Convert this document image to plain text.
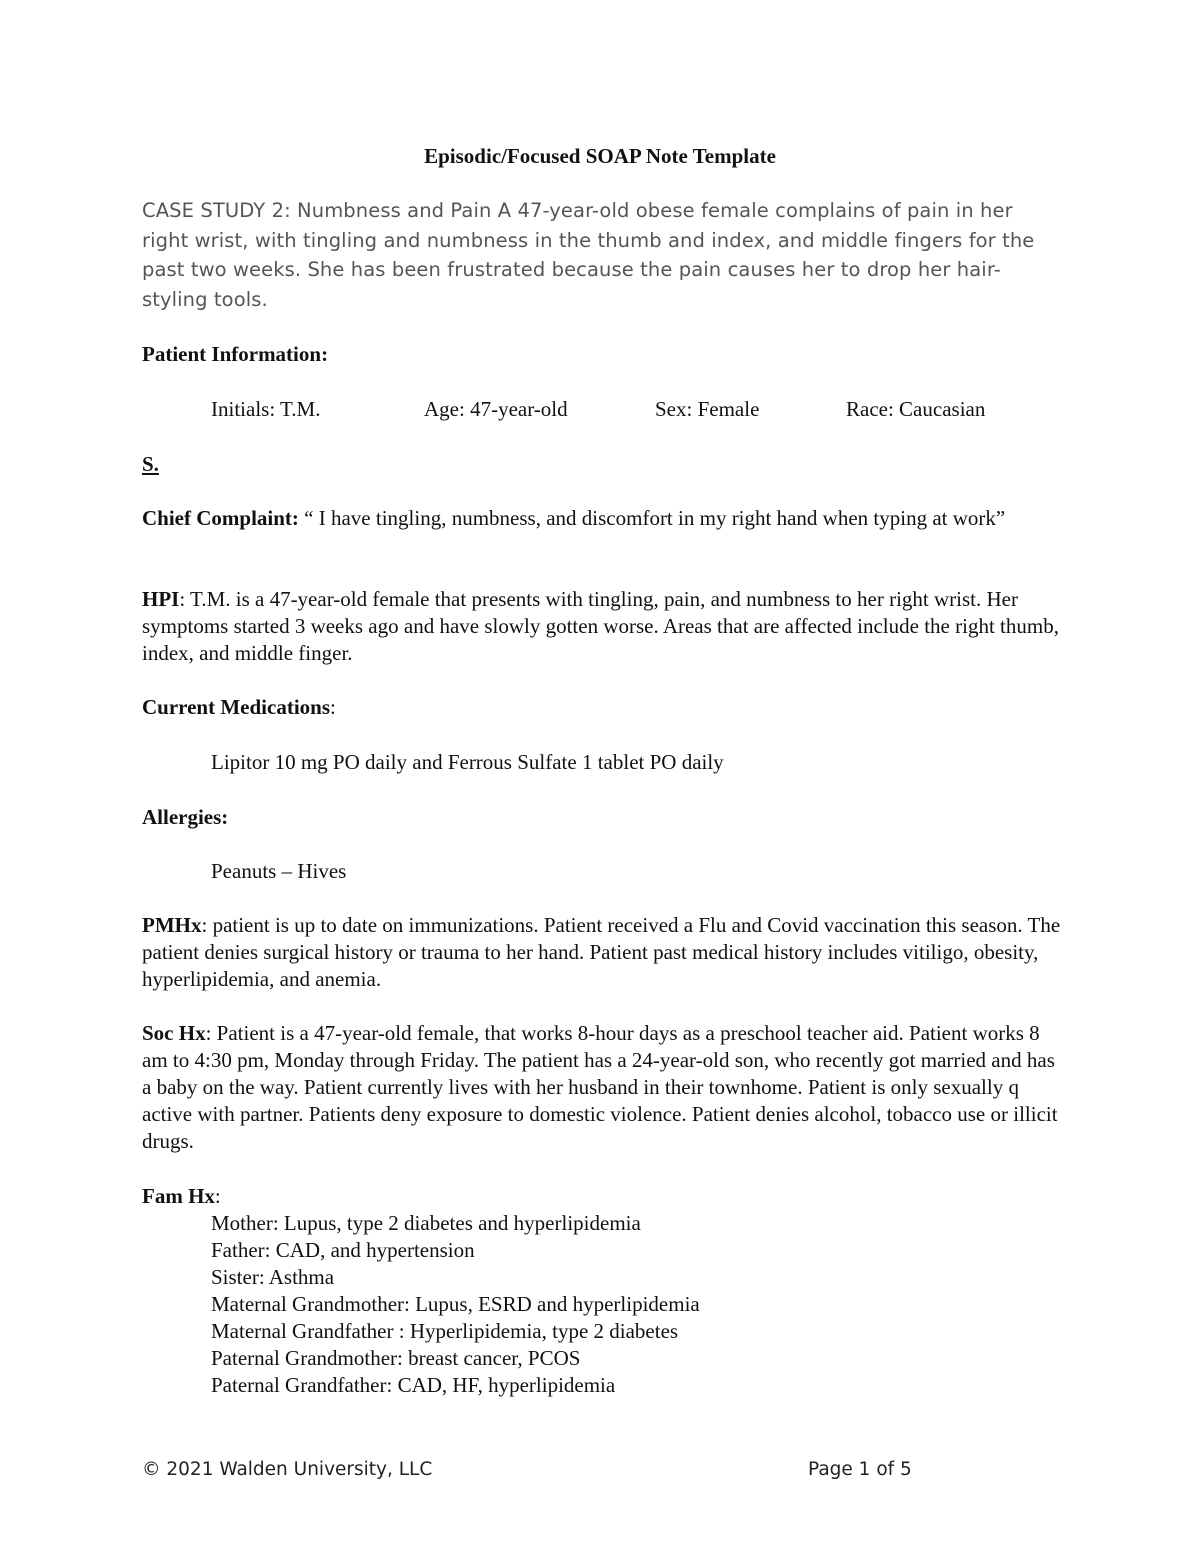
Episodic/Focused SOAP Note Template
CASE STUDY 2: Numbness and Pain A 47-year-old obese female complains of pain in her right wrist, with tingling and numbness in the thumb and index, and middle fingers for the past two weeks. She has been frustrated because the pain causes her to drop her hair-styling tools.
Patient Information:
Initials: T.M.	Age: 47-year-old	Sex: Female	Race: Caucasian
S.
Chief Complaint: “ I have tingling, numbness, and discomfort in my right hand when typing at work”
HPI: T.M. is a 47-year-old female that presents with tingling, pain, and numbness to her right wrist. Her symptoms started 3 weeks ago and have slowly gotten worse. Areas that are affected include the right thumb, index, and middle finger.
Current Medications:
Lipitor 10 mg PO daily and Ferrous Sulfate 1 tablet PO daily
Allergies:
Peanuts – Hives
PMHx: patient is up to date on immunizations. Patient received a Flu and Covid vaccination this season. The patient denies surgical history or trauma to her hand. Patient past medical history includes vitiligo, obesity, hyperlipidemia, and anemia.
Soc Hx: Patient is a 47-year-old female, that works 8-hour days as a preschool teacher aid. Patient works 8 am to 4:30 pm, Monday through Friday. The patient has a 24-year-old son, who recently got married and has a baby on the way. Patient currently lives with her husband in their townhome. Patient is only sexually q active with partner. Patients deny exposure to domestic violence. Patient denies alcohol, tobacco use or illicit drugs.
Fam Hx:
Mother: Lupus, type 2 diabetes and hyperlipidemia
Father: CAD, and hypertension
Sister: Asthma
Maternal Grandmother: Lupus, ESRD and hyperlipidemia
Maternal Grandfather : Hyperlipidemia, type 2 diabetes
Paternal Grandmother: breast cancer, PCOS
Paternal Grandfather: CAD, HF, hyperlipidemia
© 2021 Walden University, LLC	Page 1 of 5
